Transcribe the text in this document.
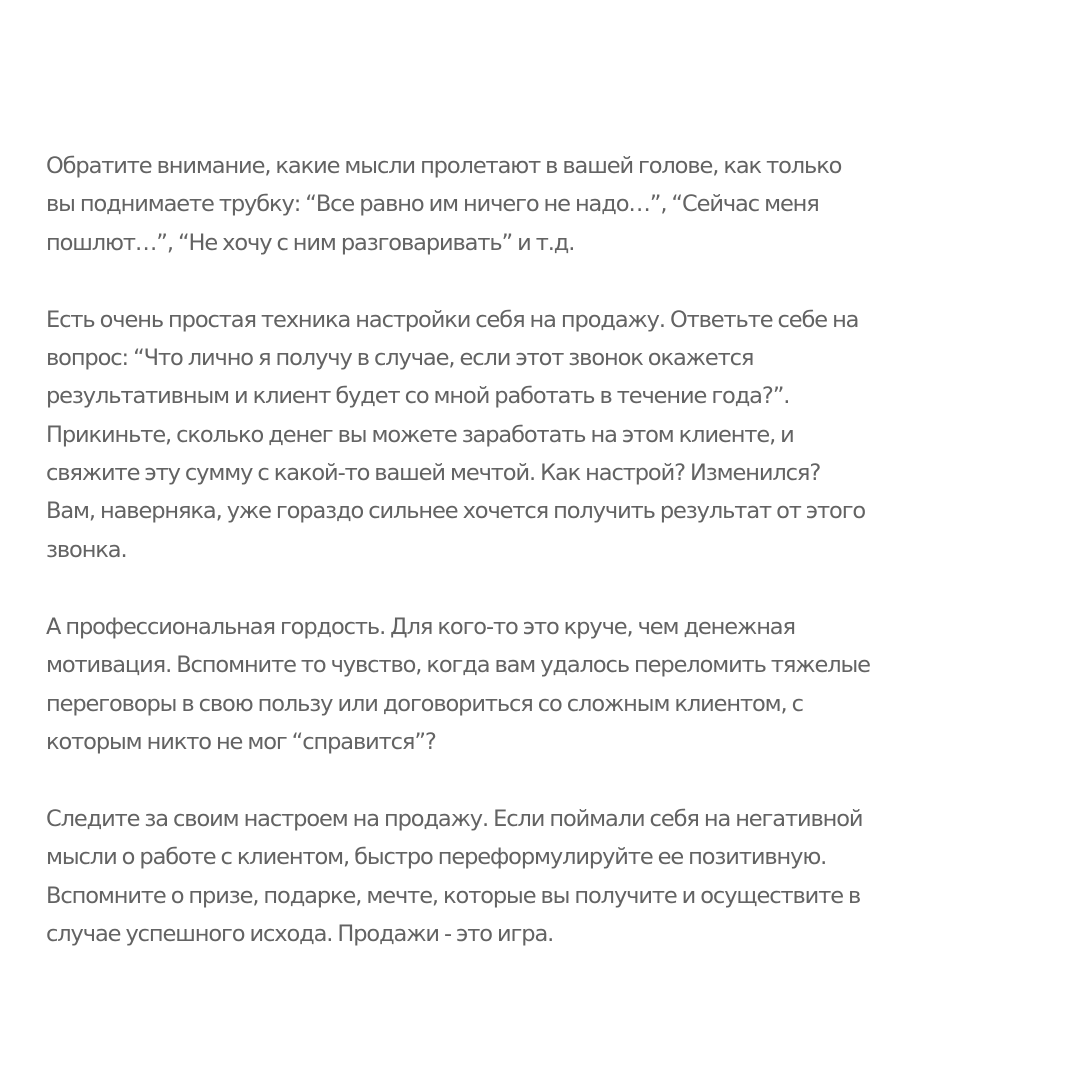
Обратите внимание, какие мысли пролетают в вашей голове, как только
вы поднимаете трубку: “Все равно им ничего не надо…”, “Сейчас меня
пошлют…”, “Не хочу с ним разговаривать” и т.д.

Есть очень простая техника настройки себя на продажу. Ответьте себе на
вопрос: “Что лично я получу в случае, если этот звонок окажется
результативным и клиент будет со мной работать в течение года?”.
Прикиньте, сколько денег вы можете заработать на этом клиенте, и
свяжите эту сумму с какой-то вашей мечтой. Как настрой? Изменился?
Вам, наверняка, уже гораздо сильнее хочется получить результат от этого
звонка.

А профессиональная гордость. Для кого-то это круче, чем денежная
мотивация. Вспомните то чувство, когда вам удалось переломить тяжелые
переговоры в свою пользу или договориться со сложным клиентом, с
которым никто не мог “справится”?

Следите за своим настроем на продажу. Если поймали себя на негативной
мысли о работе с клиентом, быстро переформулируйте ее позитивную.
Вспомните о призе, подарке, мечте, которые вы получите и осуществите в
случае успешного исхода. Продажи - это игра.
